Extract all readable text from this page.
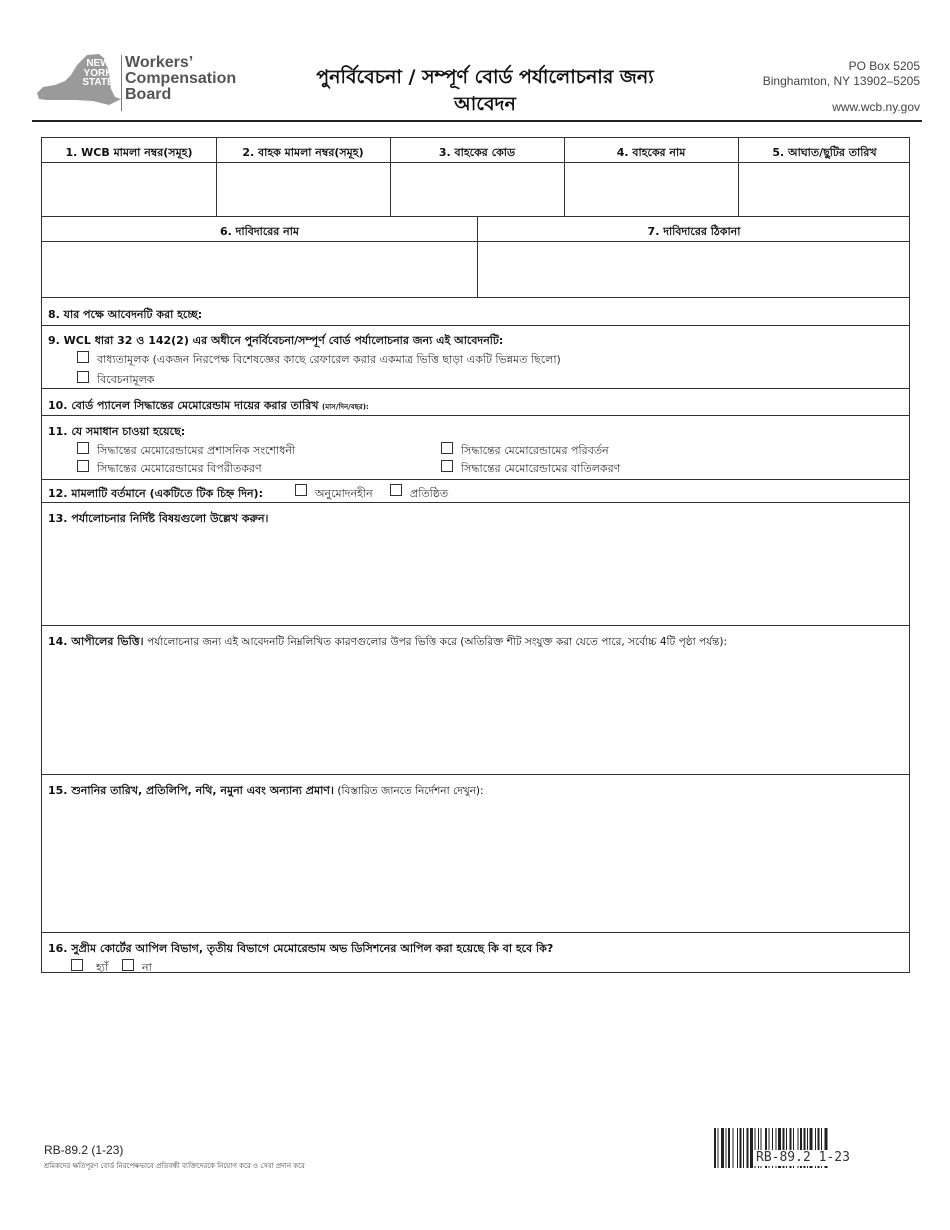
NEW
YORK
STATE
Workers’
Compensation
Board
পুনর্বিবেচনা / সম্পূর্ণ বোর্ড পর্যালোচনার জন্য
আবেদন
PO Box 5205
Binghamton, NY 13902–5205
www.wcb.ny.gov
1. WCB মামলা নম্বর(সমূহ)	2. বাহক মামলা নম্বর(সমূহ)	3. বাহকের কোড	4. বাহকের নাম	5. আঘাত/ছুটির তারিখ
6. দাবিদারের নাম	7. দাবিদারের ঠিকানা
8. যার পক্ষে আবেদনটি করা হচ্ছে:
9. WCL ধারা 32 ও 142(2) এর অধীনে পুনর্বিবেচনা/সম্পূর্ণ বোর্ড পর্যালোচনার জন্য এই আবেদনটি:
বাধ্যতামূলক (একজন নিরপেক্ষ বিশেষজ্ঞের কাছে রেফারেল করার একমাত্র ভিত্তি ছাড়া একটি ভিন্নমত ছিলো)
বিবেচনামূলক
10. বোর্ড প্যানেল সিদ্ধান্তের মেমোরেন্ডাম দায়ের করার তারিখ (মাস/দিন/বছর):
11. যে সমাধান চাওয়া হয়েছে:
সিদ্ধান্তের মেমোরেন্ডামের প্রশাসনিক সংশোধনী
সিদ্ধান্তের মেমোরেন্ডামের বিপরীতকরণ
সিদ্ধান্তের মেমোরেন্ডামের পরিবর্তন
সিদ্ধান্তের মেমোরেন্ডামের বাতিলকরণ
12. মামলাটি বর্তমানে (একটিতে টিক চিহ্ন দিন):	অনুমোদনহীন	প্রতিষ্ঠিত
13. পর্যালোচনার নির্দিষ্ট বিষয়গুলো উল্লেখ করুন।
14. আপীলের ভিত্তি। পর্যালোচনার জন্য এই আবেদনটি নিম্নলিখিত কারণগুলোর উপর ভিত্তি করে (অতিরিক্ত শীট সংযুক্ত করা যেতে পারে, সর্বোচ্চ 4টি পৃষ্ঠা পর্যন্ত):
15. শুনানির তারিখ, প্রতিলিপি, নথি, নমুনা এবং অন্যান্য প্রমাণ। (বিস্তারিত জানতে নির্দেশনা দেখুন):
16. সুপ্রীম কোর্টের আপিল বিভাগ, তৃতীয় বিভাগে মেমোরেন্ডাম অভ ডিসিশনের আপিল করা হয়েছে কি বা হবে কি?
হ্যাঁ	না
RB-89.2 (1-23)
শ্রমিকদের ক্ষতিপূরণ বোর্ড নিরপেক্ষভাবে প্রতিবন্ধী ব্যক্তিদেরকে নিয়োগ করে ও সেবা প্রদান করে
RB-89.2 1-23
